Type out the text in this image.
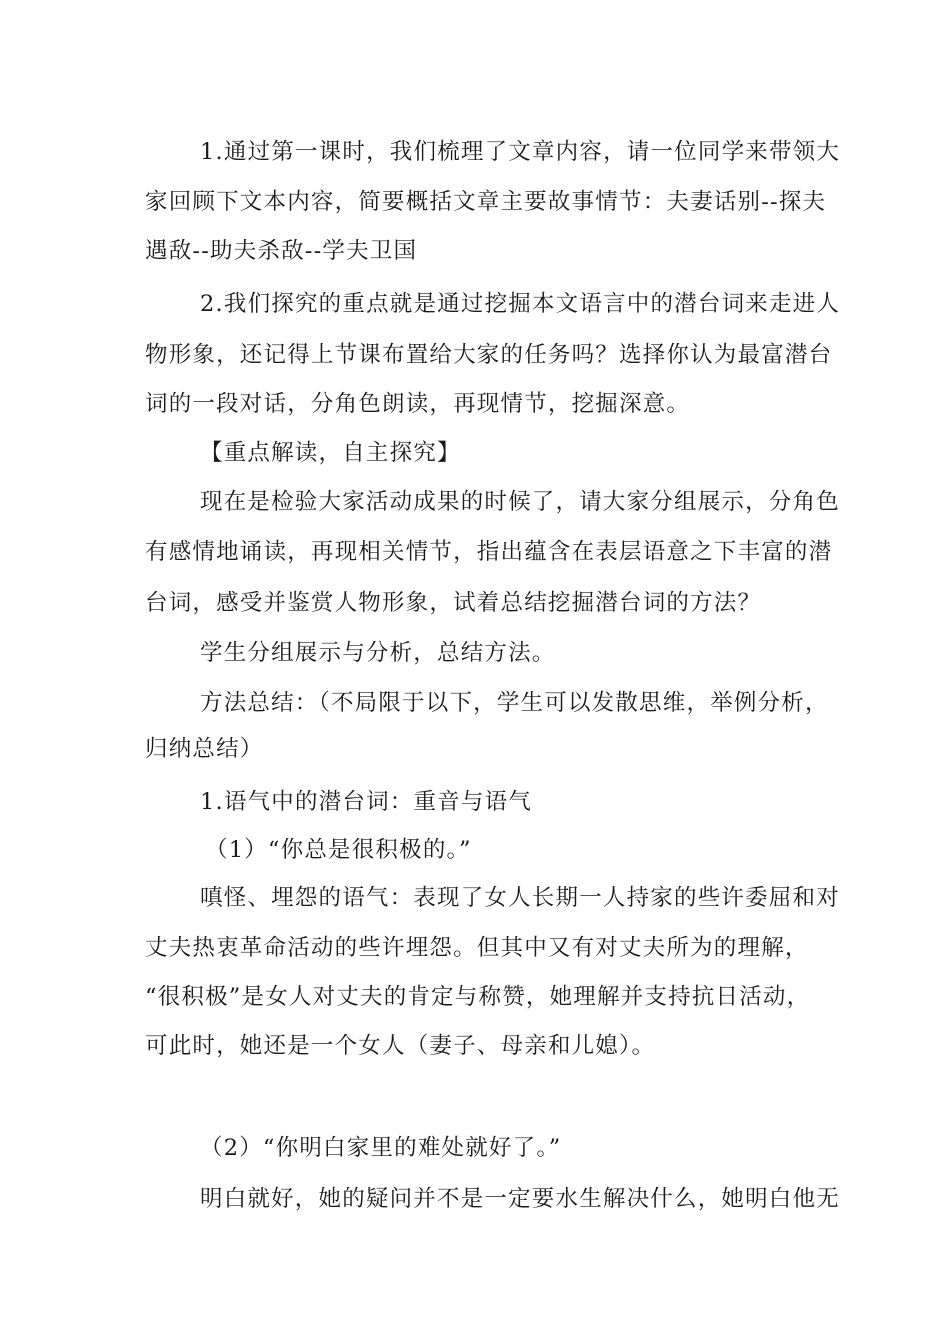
1.通过第一课时，我们梳理了文章内容，请一位同学来带领大
家回顾下文本内容，简要概括文章主要故事情节：夫妻话别--探夫
遇敌--助夫杀敌--学夫卫国
2.我们探究的重点就是通过挖掘本文语言中的潜台词来走进人
物形象，还记得上节课布置给大家的任务吗？选择你认为最富潜台
词的一段对话，分角色朗读，再现情节，挖掘深意。
【重点解读，自主探究】
现在是检验大家活动成果的时候了，请大家分组展示，分角色
有感情地诵读，再现相关情节，指出蕴含在表层语意之下丰富的潜
台词，感受并鉴赏人物形象，试着总结挖掘潜台词的方法？
学生分组展示与分析，总结方法。
方法总结：（不局限于以下，学生可以发散思维，举例分析，
归纳总结）
1.语气中的潜台词：重音与语气
（1）“你总是很积极的。”
嗔怪、埋怨的语气：表现了女人长期一人持家的些许委屈和对
丈夫热衷革命活动的些许埋怨。但其中又有对丈夫所为的理解，
“很积极”是女人对丈夫的肯定与称赞，她理解并支持抗日活动，
可此时，她还是一个女人（妻子、母亲和儿媳）。
（2）“你明白家里的难处就好了。”
明白就好，她的疑问并不是一定要水生解决什么，她明白他无
